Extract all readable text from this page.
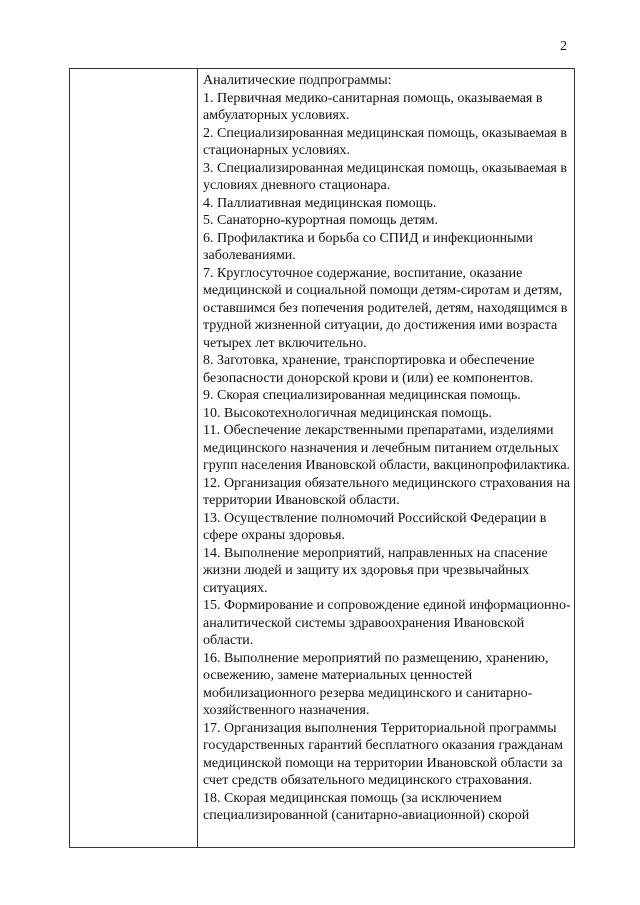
2

Аналитические подпрограммы:

1. Первичная медико-санитарная помощь, оказываемая в амбулаторных условиях.

2. Специализированная медицинская помощь, оказываемая в стационарных условиях.

3. Специализированная медицинская помощь, оказываемая в условиях дневного стационара.

4. Паллиативная медицинская помощь.

5. Санаторно-курортная помощь детям.

6. Профилактика и борьба со СПИД и инфекционными заболеваниями.

7. Круглосуточное содержание, воспитание, оказание медицинской и социальной помощи детям-сиротам и детям, оставшимся без попечения родителей, детям, находящимся в трудной жизненной ситуации, до достижения ими возраста четырех лет включительно.

8. Заготовка, хранение, транспортировка и обеспечение безопасности донорской крови и (или) ее компонентов.

9. Скорая специализированная медицинская помощь.

10. Высокотехнологичная медицинская помощь.

11. Обеспечение лекарственными препаратами, изделиями медицинского назначения и лечебным питанием отдельных групп населения Ивановской области, вакцинопрофилактика.

12. Организация обязательного медицинского страхования на территории Ивановской области.

13. Осуществление полномочий Российской Федерации в сфере охраны здоровья.

14. Выполнение мероприятий, направленных на спасение жизни людей и защиту их здоровья при чрезвычайных ситуациях.

15. Формирование и сопровождение единой информационно-аналитической системы здравоохранения Ивановской области.

16. Выполнение мероприятий по размещению, хранению, освежению, замене материальных ценностей мобилизационного резерва медицинского и санитарно-хозяйственного назначения.

17. Организация выполнения Территориальной программы государственных гарантий бесплатного оказания гражданам медицинской помощи на территории Ивановской области за счет средств обязательного медицинского страхования.

18. Скорая медицинская помощь (за исключением специализированной (санитарно-авиационной) скорой
